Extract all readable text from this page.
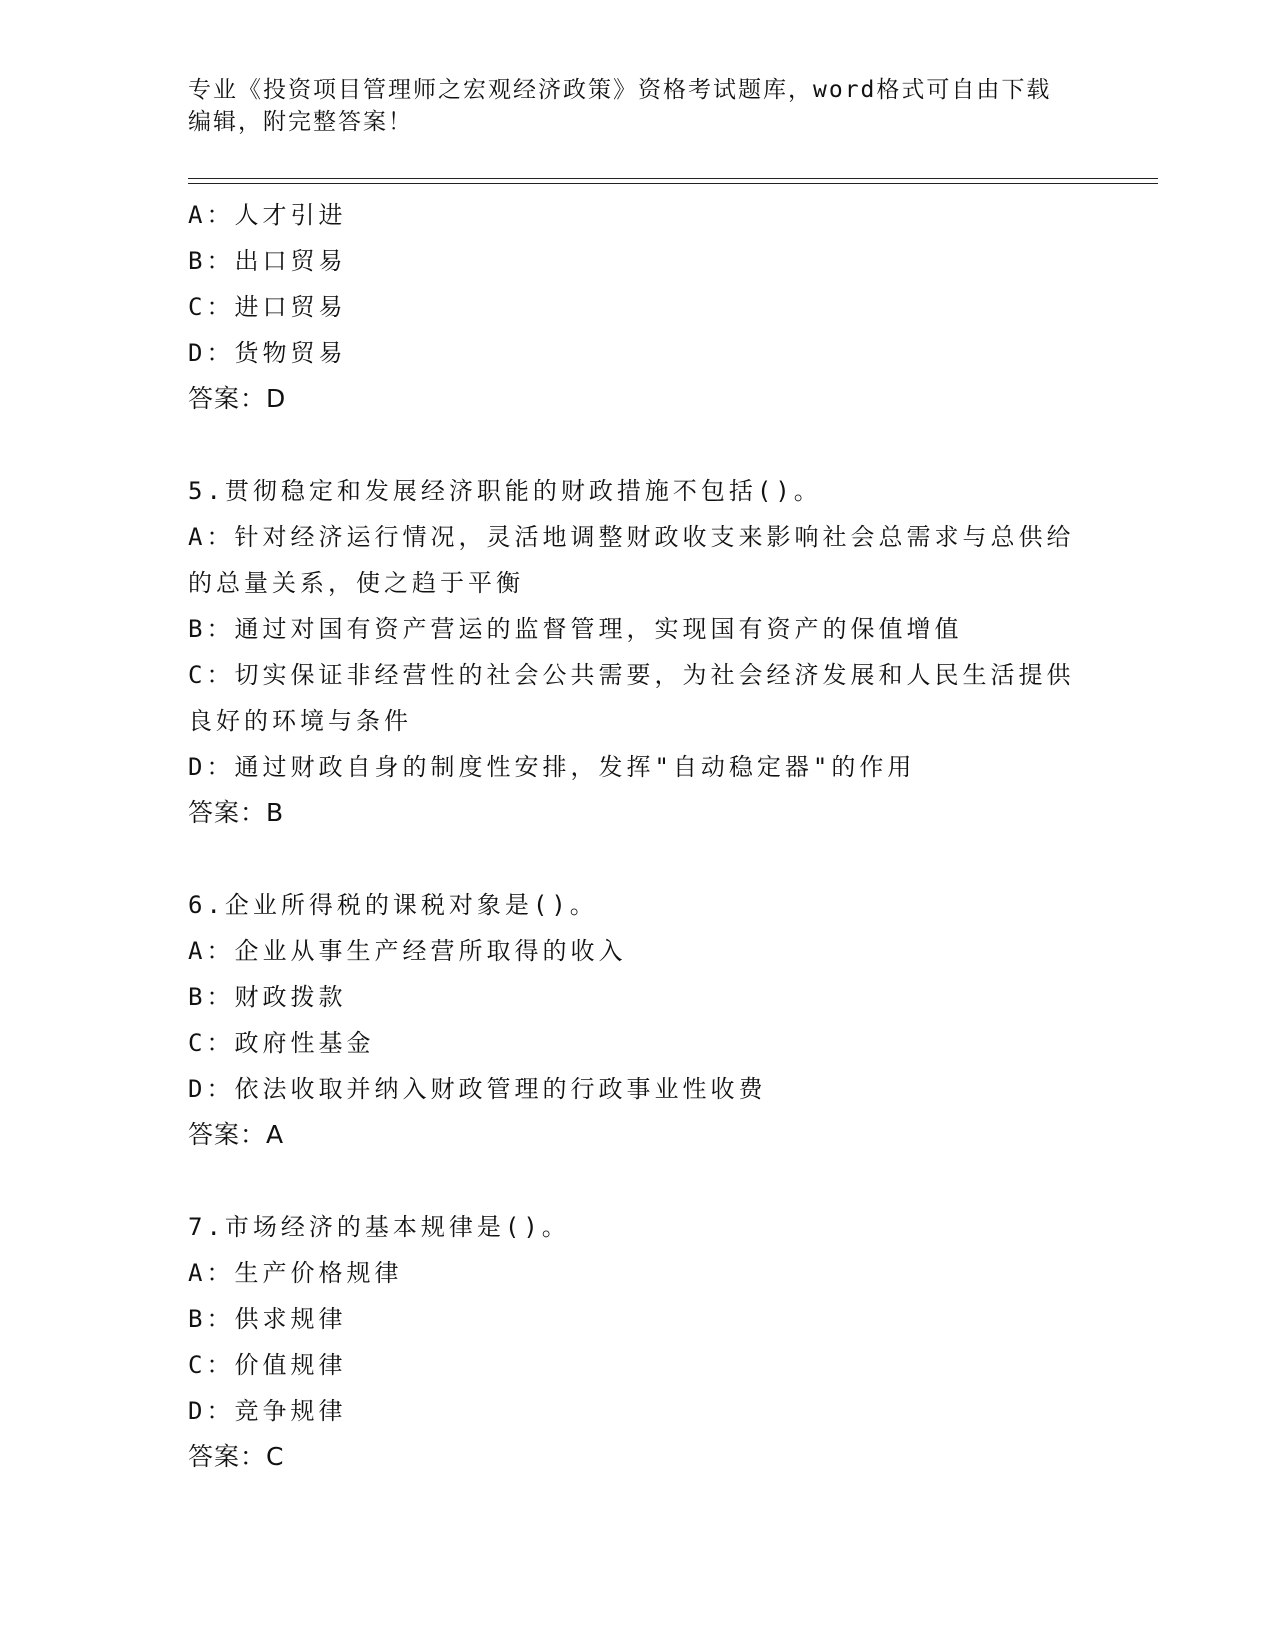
专业《投资项目管理师之宏观经济政策》资格考试题库，word格式可自由下载编辑，附完整答案！
A：人才引进
B：出口贸易
C：进口贸易
D：货物贸易
答案：D
5.贯彻稳定和发展经济职能的财政措施不包括()。
A：针对经济运行情况，灵活地调整财政收支来影响社会总需求与总供给的总量关系，使之趋于平衡
B：通过对国有资产营运的监督管理，实现国有资产的保值增值
C：切实保证非经营性的社会公共需要，为社会经济发展和人民生活提供良好的环境与条件
D：通过财政自身的制度性安排，发挥"自动稳定器"的作用
答案：B
6.企业所得税的课税对象是()。
A：企业从事生产经营所取得的收入
B：财政拨款
C：政府性基金
D：依法收取并纳入财政管理的行政事业性收费
答案：A
7.市场经济的基本规律是()。
A：生产价格规律
B：供求规律
C：价值规律
D：竞争规律
答案：C
